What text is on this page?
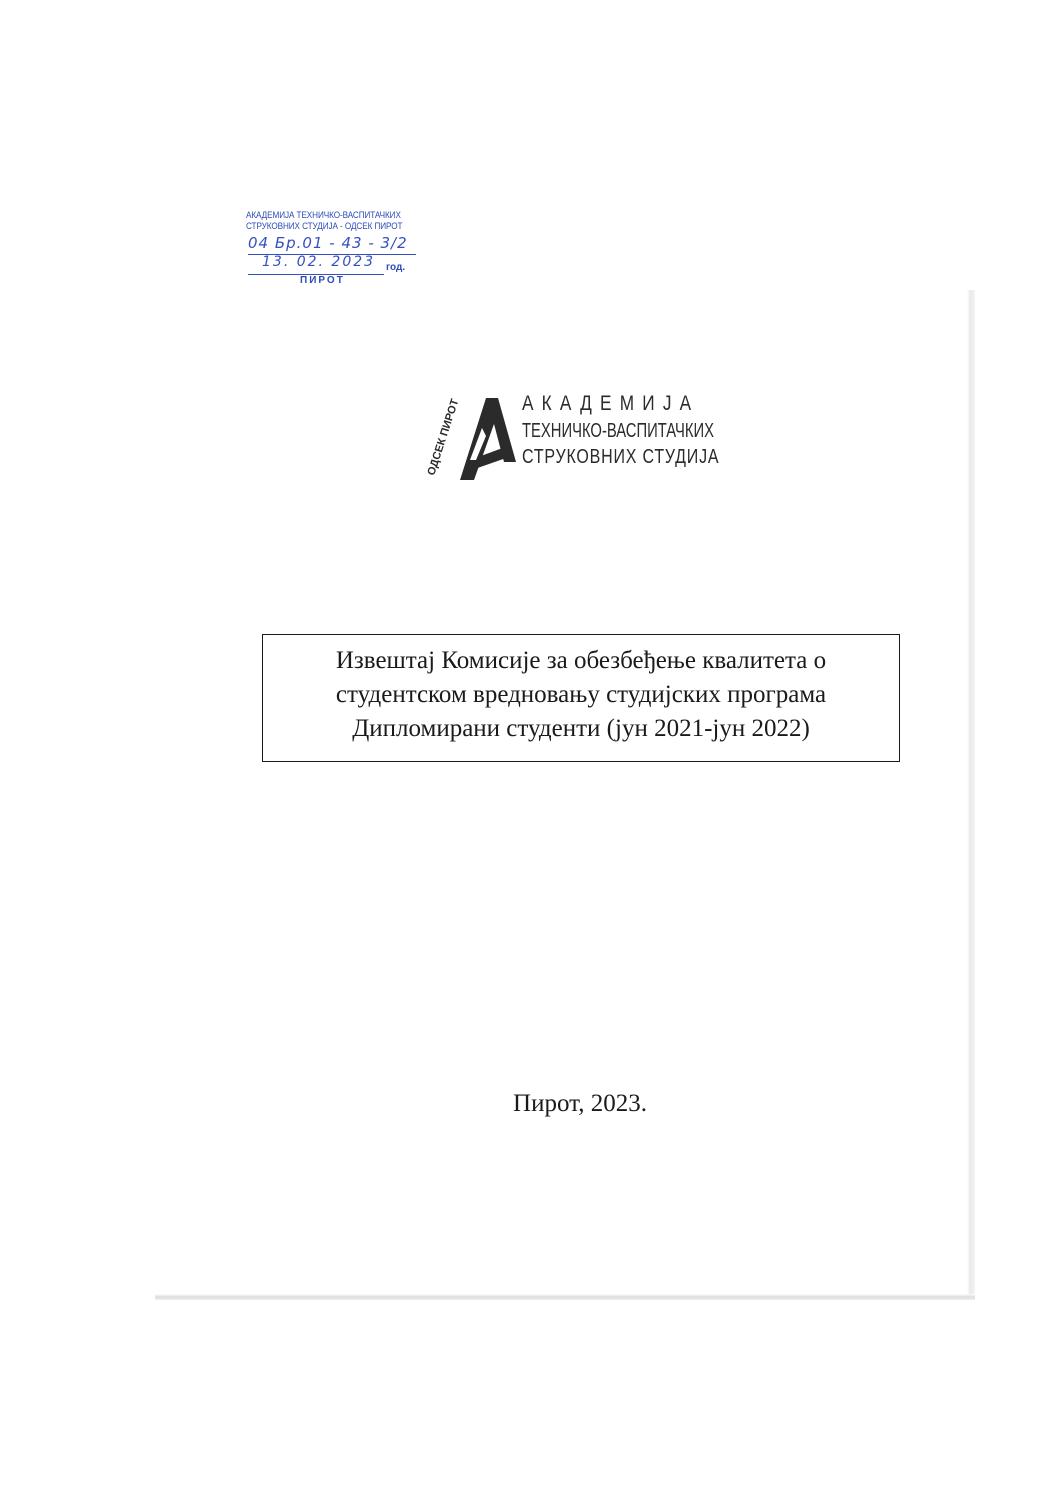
АКАДЕМИЈА ТЕХНИЧКО-ВАСПИТАЧКИХ
СТРУКОВНИХ СТУДИЈА - ОДСЕК ПИРОТ
04 Бр.01 - 43 - 3/2
13. 02. 2023 год.
ПИРОТ
ОДСЕК ПИРОТ	АКАДЕМИЈА
ТЕХНИЧКО-ВАСПИТАЧКИХ
СТРУКОВНИХ СТУДИЈА
Извештај Комисије за обезбеђење квалитета о
студентском вредновању студијских програма
Дипломирани студенти (јун 2021-јун 2022)
Пирот, 2023.
